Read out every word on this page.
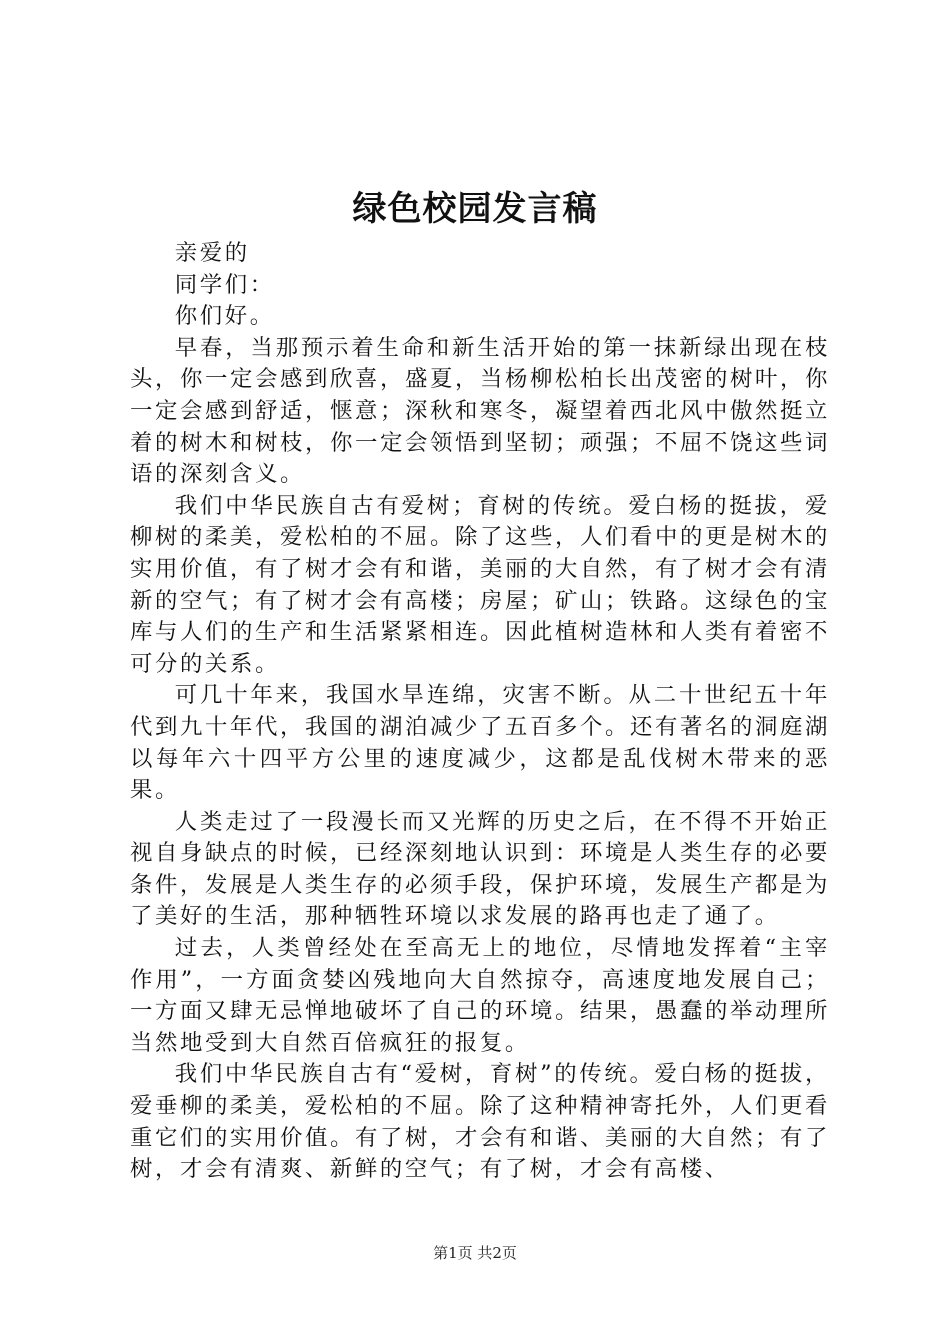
绿色校园发言稿

亲爱的

同学们：

你们好。

早春，当那预示着生命和新生活开始的第一抹新绿出现在枝头，你一定会感到欣喜，盛夏，当杨柳松柏长出茂密的树叶，你一定会感到舒适，惬意；深秋和寒冬，凝望着西北风中傲然挺立着的树木和树枝，你一定会领悟到坚韧；顽强；不屈不饶这些词语的深刻含义。

我们中华民族自古有爱树；育树的传统。爱白杨的挺拔，爱柳树的柔美，爱松柏的不屈。除了这些，人们看中的更是树木的实用价值，有了树才会有和谐，美丽的大自然，有了树才会有清新的空气；有了树才会有高楼；房屋；矿山；铁路。这绿色的宝库与人们的生产和生活紧紧相连。因此植树造林和人类有着密不可分的关系。

可几十年来，我国水旱连绵，灾害不断。从二十世纪五十年代到九十年代，我国的湖泊减少了五百多个。还有著名的洞庭湖以每年六十四平方公里的速度减少，这都是乱伐树木带来的恶果。

人类走过了一段漫长而又光辉的历史之后，在不得不开始正视自身缺点的时候，已经深刻地认识到：环境是人类生存的必要条件，发展是人类生存的必须手段，保护环境，发展生产都是为了美好的生活，那种牺牲环境以求发展的路再也走了通了。

过去，人类曾经处在至高无上的地位，尽情地发挥着“主宰作用”，一方面贪婪凶残地向大自然掠夺，高速度地发展自己；一方面又肆无忌惮地破坏了自己的环境。结果，愚蠢的举动理所当然地受到大自然百倍疯狂的报复。

我们中华民族自古有“爱树，育树”的传统。爱白杨的挺拔，爱垂柳的柔美，爱松柏的不屈。除了这种精神寄托外，人们更看重它们的实用价值。有了树，才会有和谐、美丽的大自然；有了树，才会有清爽、新鲜的空气；有了树，才会有高楼、

第1页 共2页
